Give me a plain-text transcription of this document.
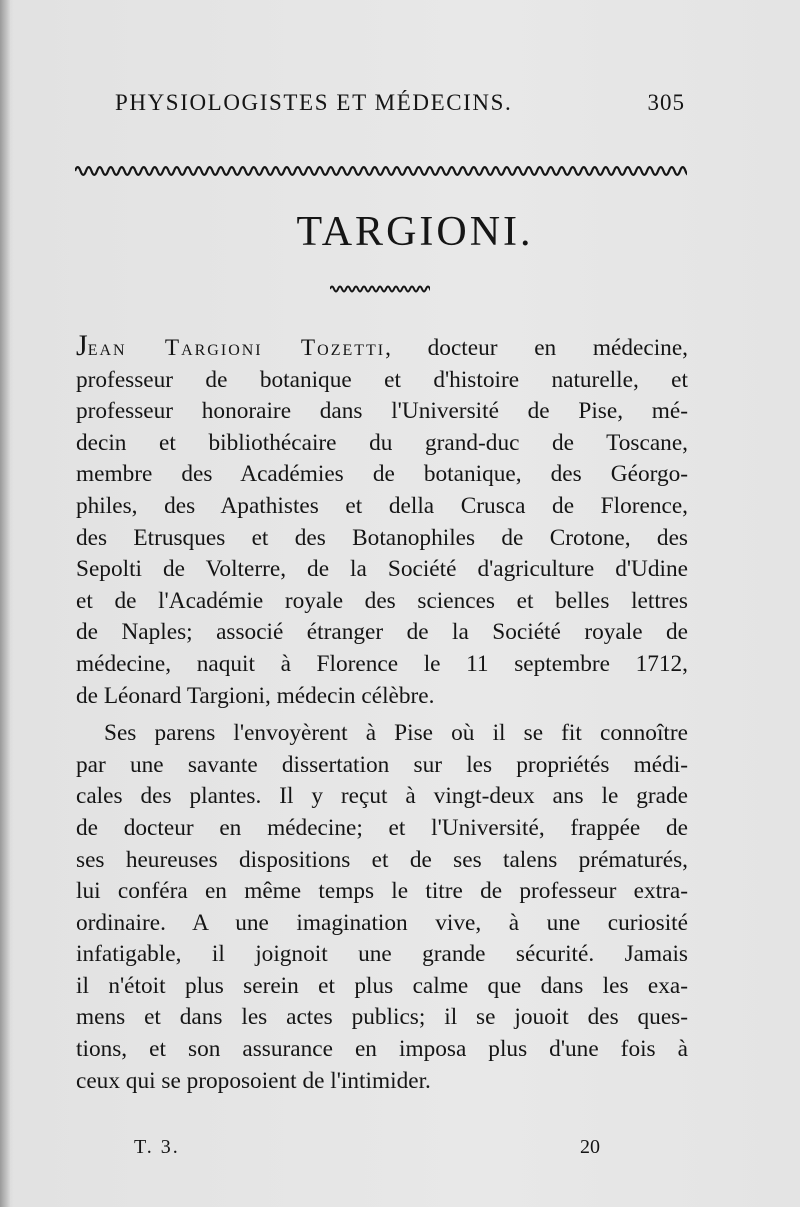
PHYSIOLOGISTES ET MÉDECINS.	305
TARGIONI.
Jean Targioni Tozetti, docteur en médecine,
professeur de botanique et d'histoire naturelle, et
professeur honoraire dans l'Université de Pise, mé-
decin et bibliothécaire du grand-duc de Toscane,
membre des Académies de botanique, des Géorgo-
philes, des Apathistes et della Crusca de Florence,
des Etrusques et des Botanophiles de Crotone, des
Sepolti de Volterre, de la Société d'agriculture d'Udine
et de l'Académie royale des sciences et belles lettres
de Naples; associé étranger de la Société royale de
médecine, naquit à Florence le 11 septembre 1712,
de Léonard Targioni, médecin célèbre.
Ses parens l'envoyèrent à Pise où il se fit connoître
par une savante dissertation sur les propriétés médi-
cales des plantes. Il y reçut à vingt-deux ans le grade
de docteur en médecine; et l'Université, frappée de
ses heureuses dispositions et de ses talens prématurés,
lui conféra en même temps le titre de professeur extra-
ordinaire. A une imagination vive, à une curiosité
infatigable, il joignoit une grande sécurité. Jamais
il n'étoit plus serein et plus calme que dans les exa-
mens et dans les actes publics; il se jouoit des ques-
tions, et son assurance en imposa plus d'une fois à
ceux qui se proposoient de l'intimider.
T. 3.	20
